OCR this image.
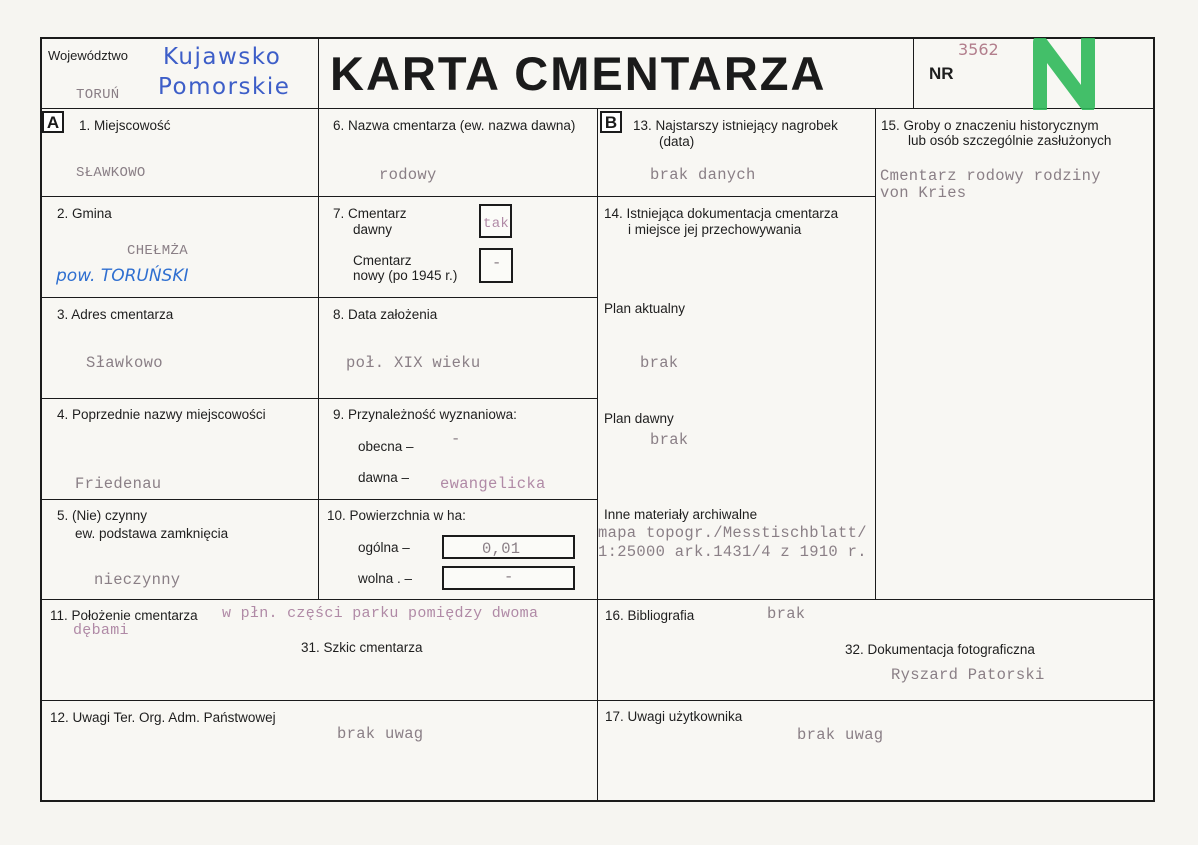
Województwo Kujawsko
Pomorskie
TORUŃ	KARTA CMENTARZA	NR
3562
A	B
1. Miejscowość
SŁAWKOWO
2. Gmina
CHEŁMŻA
pow. TORUŃSKI
3. Adres cmentarza
Sławkowo
4. Poprzednie nazwy miejscowości
Friedenau
5. (Nie) czynny
ew. podstawa zamknięcia
nieczynny
6. Nazwa cmentarza (ew. nazwa dawna)
rodowy
7. Cmentarz
dawny	tak
Cmentarz
nowy (po 1945 r.)
-
8. Data założenia
poł. XIX wieku
9. Przynależność wyznaniowa:
obecna – -
dawna – ewangelicka
10. Powierzchnia w ha:
ogólna –	0,01
wolna . –	-
13. Najstarszy istniejący nagrobek
(data)
brak danych
14. Istniejąca dokumentacja cmentarza
i miejsce jej przechowywania
Plan aktualny
brak
Plan dawny
brak
Inne materiały archiwalne
mapa topogr./Messtischblatt/
1:25000 ark.1431/4 z 1910 r.
15. Groby o znaczeniu historycznym
lub osób szczególnie zasłużonych
Cmentarz rodowy rodziny
von Kries
11. Położenie cmentarza w płn. części parku pomiędzy dwoma
dębami
31. Szkic cmentarza
16. Bibliografia	brak
32. Dokumentacja fotograficzna
Ryszard Patorski
12. Uwagi Ter. Org. Adm. Państwowej
brak uwag
17. Uwagi użytkownika
brak uwag
